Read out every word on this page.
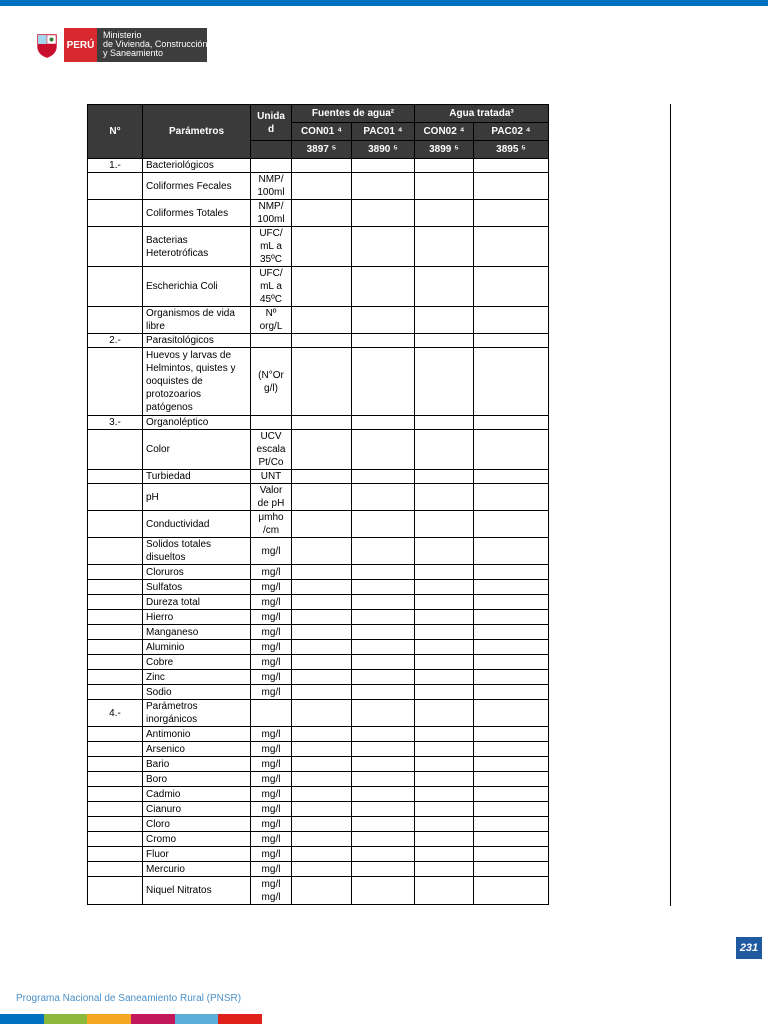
PERÚ
Ministerio
de Vivienda, Construcción
y Saneamiento
N°	Parámetros	Unida d	Fuentes de agua²		Agua tratada³	
			CON01 ⁴	PAC01 ⁴	CON02 ⁴	PAC02 ⁴
			3897 ⁵	3890 ⁵	3899 ⁵	3895 ⁵
1.-	Bacteriológicos					
	Coliformes Fecales	NMP/ 100ml				
	Coliformes Totales	NMP/ 100ml				
	Bacterias Heterotróficas	UFC/ mL a 35ºC				
	Escherichia Coli	UFC/ mL a 45ºC				
	Organismos de vida libre	Nº org/L				
2.-	Parasitológicos					
	Huevos y larvas de Helmintos, quistes y ooquistes de protozoarios patógenos	(N°Or g/l)				
3.-	Organoléptico					
	Color	UCV escala Pt/Co				
	Turbiedad	UNT				
	pH	Valor de pH				
	Conductividad	μmho /cm				
	Solidos totales disueltos	mg/l				
	Cloruros	mg/l				
	Sulfatos	mg/l				
	Dureza total	mg/l				
	Hierro	mg/l				
	Manganeso	mg/l				
	Aluminio	mg/l				
	Cobre	mg/l				
	Zinc	mg/l				
	Sodio	mg/l				
4.-	Parámetros inorgánicos					
	Antimonio	mg/l				
	Arsenico	mg/l				
	Bario	mg/l				
	Boro	mg/l				
	Cadmio	mg/l				
	Cianuro	mg/l				
	Cloro	mg/l				
	Cromo	mg/l				
	Fluor	mg/l				
	Mercurio	mg/l				
	Niquel Nitratos	mg/l mg/l				
231
Programa Nacional de Saneamiento Rural (PNSR)
